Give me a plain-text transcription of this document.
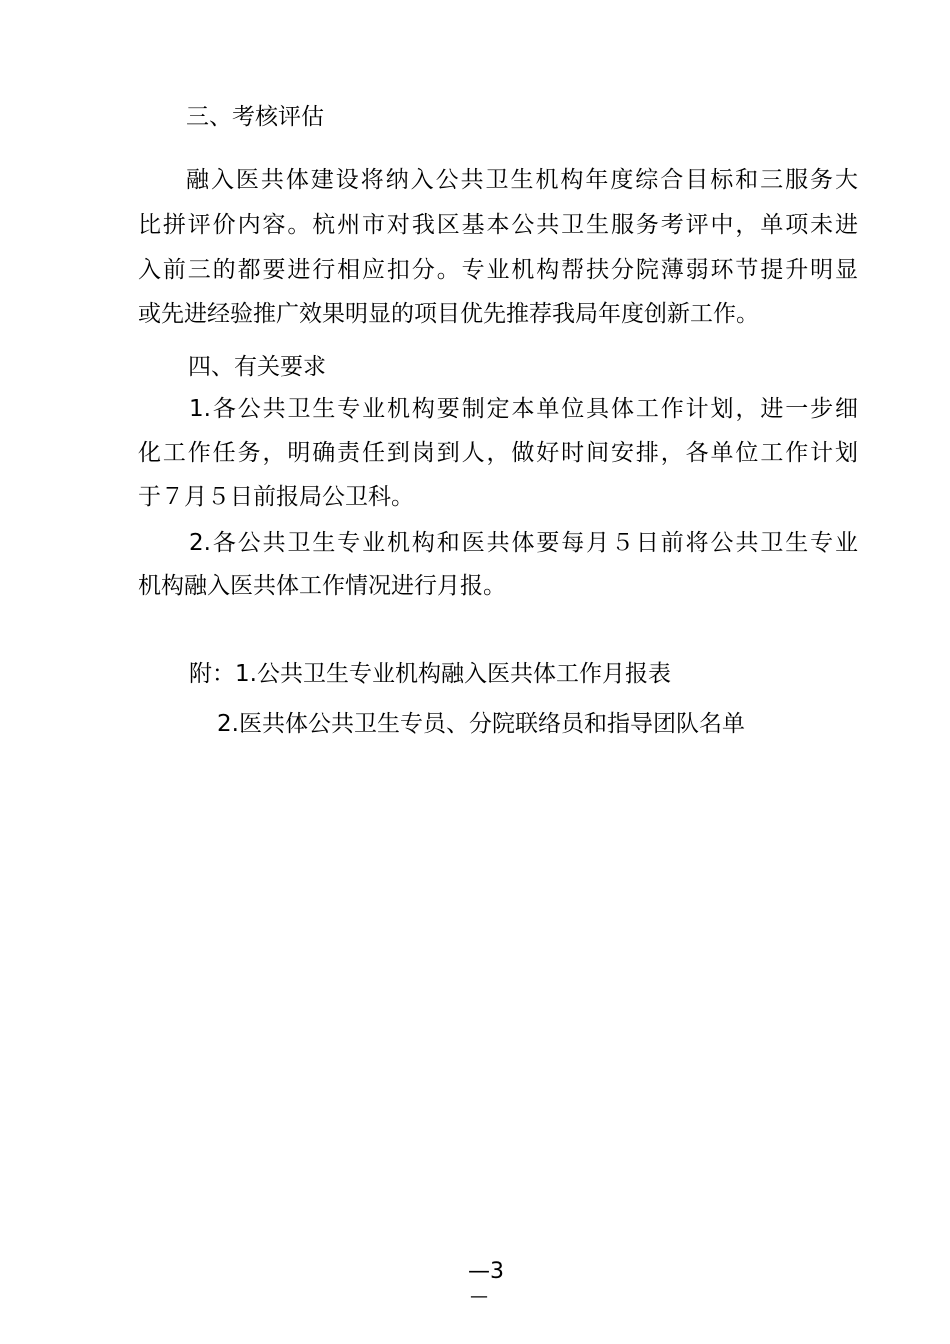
三、考核评估
融入医共体建设将纳入公共卫生机构年度综合目标和三服务大
比拼评价内容。杭州市对我区基本公共卫生服务考评中，单项未进
入前三的都要进行相应扣分。专业机构帮扶分院薄弱环节提升明显
或先进经验推广效果明显的项目优先推荐我局年度创新工作。
四、有关要求
1.各公共卫生专业机构要制定本单位具体工作计划，进一步细
化工作任务，明确责任到岗到人，做好时间安排，各单位工作计划
于７月５日前报局公卫科。
2.各公共卫生专业机构和医共体要每月５日前将公共卫生专业
机构融入医共体工作情况进行月报。
附：1.公共卫生专业机构融入医共体工作月报表
2.医共体公共卫生专员、分院联络员和指导团队名单
—3
—
